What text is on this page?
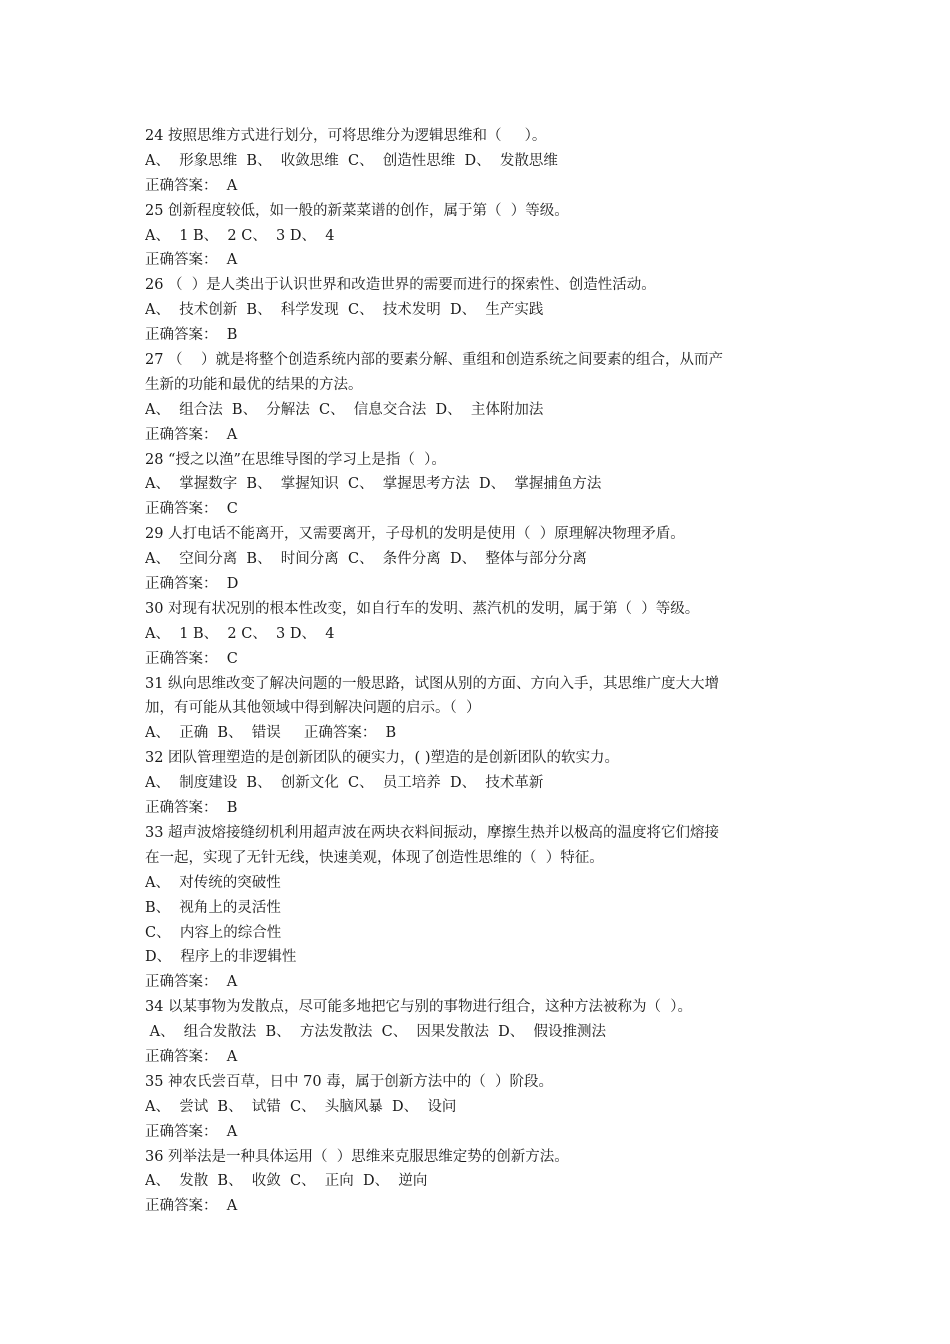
24 按照思维方式进行划分，可将思维分为逻辑思维和（     ）。
A、  形象思维  B、  收敛思维  C、  创造性思维  D、  发散思维
正确答案：  A
25 创新程度较低，如一般的新菜菜谱的创作，属于第（  ）等级。
A、  1 B、  2 C、  3 D、  4
正确答案：  A
26 （  ）是人类出于认识世界和改造世界的需要而进行的探索性、创造性活动。
A、  技术创新  B、  科学发现  C、  技术发明  D、  生产实践
正确答案：  B
27 （    ）就是将整个创造系统内部的要素分解、重组和创造系统之间要素的组合，从而产
生新的功能和最优的结果的方法。
A、  组合法  B、  分解法  C、  信息交合法  D、  主体附加法
正确答案：  A
28 “授之以渔”在思维导图的学习上是指（  ）。
A、  掌握数字  B、  掌握知识  C、  掌握思考方法  D、  掌握捕鱼方法
正确答案：  C
29 人打电话不能离开，又需要离开，子母机的发明是使用（  ）原理解决物理矛盾。
A、  空间分离  B、  时间分离  C、  条件分离  D、  整体与部分分离
正确答案：  D
30 对现有状况别的根本性改变，如自行车的发明、蒸汽机的发明，属于第（  ）等级。
A、  1 B、  2 C、  3 D、  4
正确答案：  C
31 纵向思维改变了解决问题的一般思路，试图从别的方面、方向入手，其思维广度大大增
加，有可能从其他领域中得到解决问题的启示。（  ）
A、  正确  B、  错误     正确答案：  B
32 团队管理塑造的是创新团队的硬实力，( )塑造的是创新团队的软实力。
A、  制度建设  B、  创新文化  C、  员工培养  D、  技术革新
正确答案：  B
33 超声波熔接缝纫机利用超声波在两块衣料间振动，摩擦生热并以极高的温度将它们熔接
在一起，实现了无针无线，快速美观，体现了创造性思维的（  ）特征。
A、  对传统的突破性
B、  视角上的灵活性
C、  内容上的综合性
D、  程序上的非逻辑性
正确答案：  A
34 以某事物为发散点，尽可能多地把它与别的事物进行组合，这种方法被称为（  ）。
A、  组合发散法  B、  方法发散法  C、  因果发散法  D、  假设推测法
正确答案：  A
35 神农氏尝百草，日中 70 毒，属于创新方法中的（  ）阶段。
A、  尝试  B、  试错  C、  头脑风暴  D、  设问
正确答案：  A
36 列举法是一种具体运用（  ）思维来克服思维定势的创新方法。
A、  发散  B、  收敛  C、  正向  D、  逆向
正确答案：  A
